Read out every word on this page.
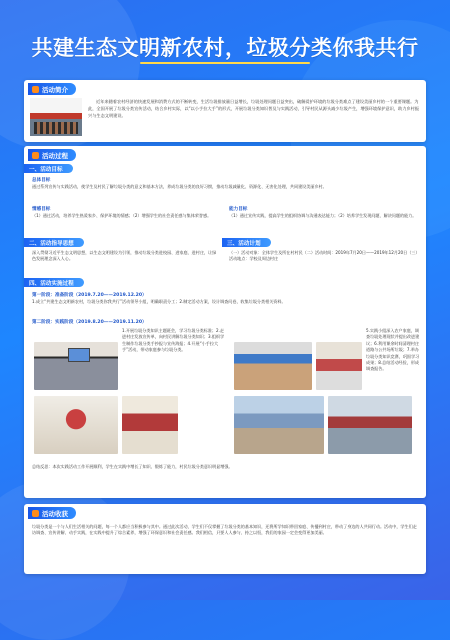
共建生态文明新农村，垃圾分类你我共行
活动简介
近年来随着农村经济的快速发展和消费方式的不断转变，生活垃圾排放量日益增长，垃圾处理问题日益突出，破解爱护环境的垃圾分类难点了建设美丽乡村的一个重要课题。为此，全国开展了垃圾分类宣传活动，结合乡村实际，以“以小手拉大手”的形式，开展垃圾分类知识普及与实践活动，引导村民从源头减少垃圾产生，增强环境保护意识，助力乡村振兴与生态文明建设。
活动过程
一、活动目标
总体目标
通过系列宣传与实践活动，使学生及村民了解垃圾分类的意义和基本方法，养成垃圾分类的良好习惯，推动垃圾减量化、资源化、无害化处理，共同建设美丽乡村。
情感目标
（1）通过活动，培养学生热爱家乡、保护环境的情感；（2）增强学生的社会责任感与集体荣誉感。
能力目标
（1）通过宣传实践，提高学生的组织协调与沟通表达能力；（2）培养学生发现问题、解决问题的能力。
二、活动指导思想
深入贯彻习近平生态文明思想，以生态文明建设为引领，推动垃圾分类进校园、进家庭、进村庄，让绿色发展理念深入人心。
三、活动计划
（一）活动对象：全体学生及所在村村民（二）活动时间：2019年7月20日——2019年12月20日（三）活动地点：学校及周边村庄
四、活动实施过程
第一阶段：准备阶段（2019.7.20——2019.12.20）
1.成立“共建生态文明新农村，垃圾分类你我共行”活动领导小组，明确职责分工；2.制定活动方案，设计调查问卷，收集垃圾分类相关资料。
第二阶段：实践阶段（2019.8.20——2019.11.20）
1.开展垃圾分类知识主题班会，学习垃圾分类标准；2.走进村庄发放宣传单，向村民讲解垃圾分类知识；3.组织学生制作垃圾分类手抄报与宣传海报；4.开展“小手拉大手”活动，带动家庭参与垃圾分类。
5.实践小组深入农户家庭，调查垃圾处理现状并提出改进建议；6.利用课余时间清理村庄道路与公共场所垃圾；7.举办垃圾分类知识竞赛，巩固学习成果；8.总结活动经验，形成调查报告。
总结反思：本次实践活动工作开展顺利，学生在实践中增长了知识、锻炼了能力，村民垃圾分类意识明显增强。
活动收获
垃圾分类是一个与人们生活相关的问题，每一个人都应当积极参与其中。通过此次活动，学生们不仅掌握了垃圾分类的基本知识，还将所学知识带回家庭、传播到村庄，带动了身边的人共同行动。活动中，学生们走访调查、宣传讲解、动手实践，在实践中提升了综合素养，增强了环保意识和社会责任感。我们相信，只要人人参与、持之以恒，我们的家园一定会变得更加美丽。
